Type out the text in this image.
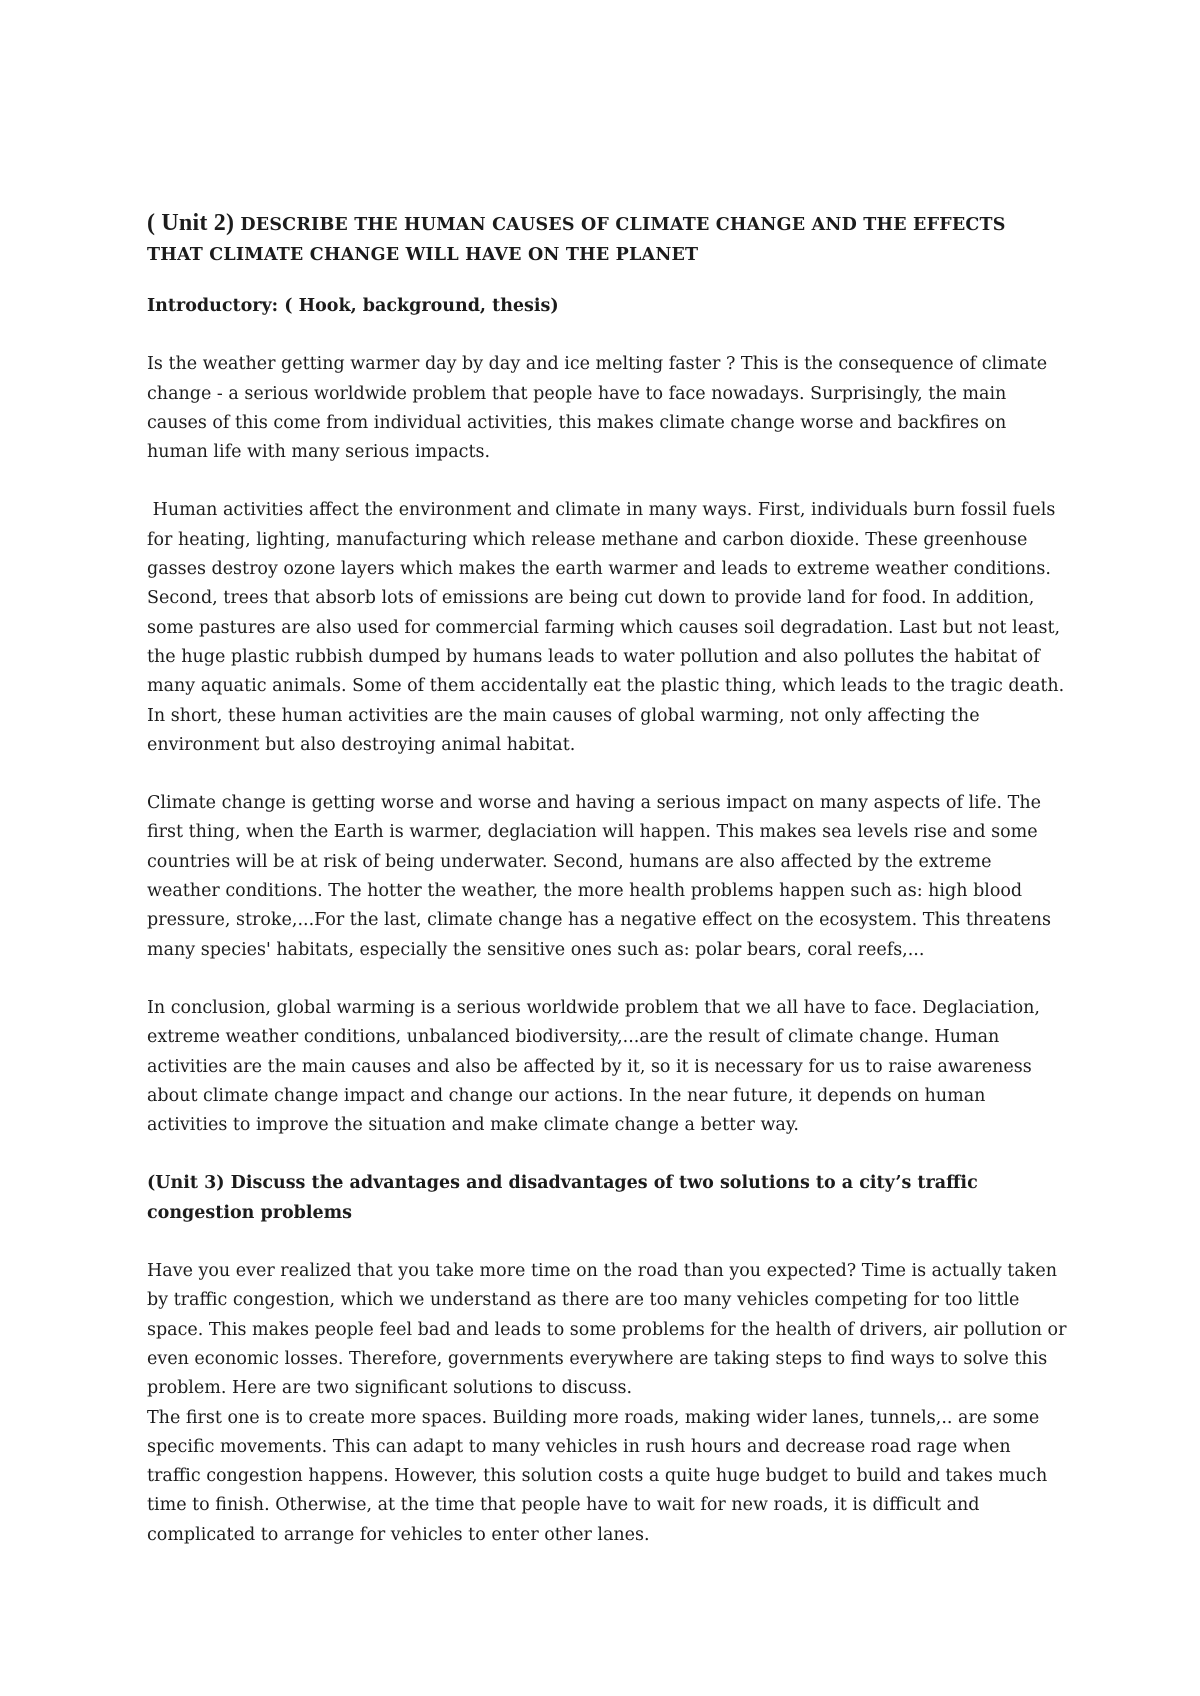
( Unit 2) DESCRIBE THE HUMAN CAUSES OF CLIMATE CHANGE AND THE EFFECTS THAT CLIMATE CHANGE WILL HAVE ON THE PLANET
Introductory: ( Hook, background, thesis)

Is the weather getting warmer day by day and ice melting faster ? This is the consequence of climate change - a serious worldwide problem that people have to face nowadays. Surprisingly, the main causes of this come from individual activities, this makes climate change worse and backfires on human life with many serious impacts.

Human activities affect the environment and climate in many ways. First, individuals burn fossil fuels for heating, lighting, manufacturing which release methane and carbon dioxide. These greenhouse gasses destroy ozone layers which makes the earth warmer and leads to extreme weather conditions. Second, trees that absorb lots of emissions are being cut down to provide land for food. In addition, some pastures are also used for commercial farming which causes soil degradation. Last but not least, the huge plastic rubbish dumped by humans leads to water pollution and also pollutes the habitat of many aquatic animals. Some of them accidentally eat the plastic thing, which leads to the tragic death. In short, these human activities are the main causes of global warming, not only affecting the environment but also destroying animal habitat.

Climate change is getting worse and worse and having a serious impact on many aspects of life. The first thing, when the Earth is warmer, deglaciation will happen. This makes sea levels rise and some countries will be at risk of being underwater. Second, humans are also affected by the extreme weather conditions. The hotter the weather, the more health problems happen such as: high blood pressure, stroke,...For the last, climate change has a negative effect on the ecosystem. This threatens many species' habitats, especially the sensitive ones such as: polar bears, coral reefs,...

In conclusion, global warming is a serious worldwide problem that we all have to face. Deglaciation, extreme weather conditions, unbalanced biodiversity,...are the result of climate change. Human activities are the main causes and also be affected by it, so it is necessary for us to raise awareness about climate change impact and change our actions. In the near future, it depends on human activities to improve the situation and make climate change a better way.

(Unit 3) Discuss the advantages and disadvantages of two solutions to a city’s traffic congestion problems

Have you ever realized that you take more time on the road than you expected? Time is actually taken by traffic congestion, which we understand as there are too many vehicles competing for too little space. This makes people feel bad and leads to some problems for the health of drivers, air pollution or even economic losses. Therefore, governments everywhere are taking steps to find ways to solve this problem. Here are two significant solutions to discuss.

The first one is to create more spaces. Building more roads, making wider lanes, tunnels,.. are some specific movements. This can adapt to many vehicles in rush hours and decrease road rage when traffic congestion happens. However, this solution costs a quite huge budget to build and takes much time to finish. Otherwise, at the time that people have to wait for new roads, it is difficult and complicated to arrange for vehicles to enter other lanes.
